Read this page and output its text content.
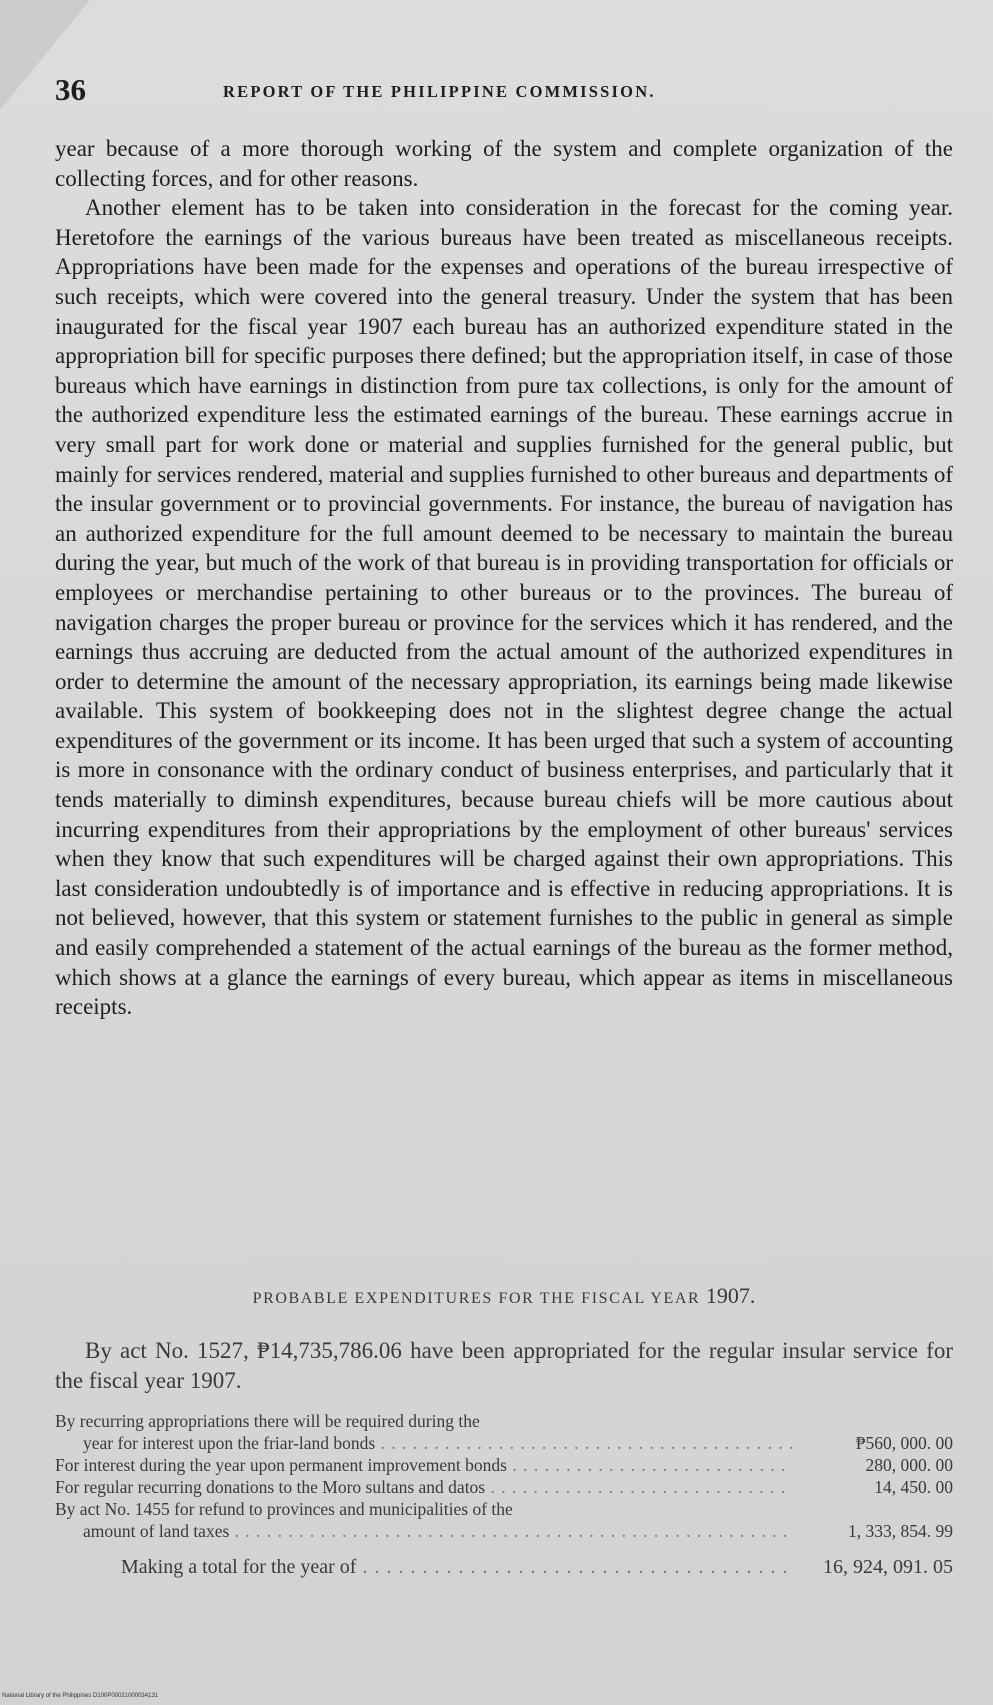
36	REPORT OF THE PHILIPPINE COMMISSION.

year because of a more thorough working of the system and complete organization of the collecting forces, and for other reasons.

Another element has to be taken into consideration in the forecast for the coming year. Heretofore the earnings of the various bureaus have been treated as miscellaneous receipts. Appropriations have been made for the expenses and operations of the bureau irrespective of such receipts, which were covered into the general treasury. Under the system that has been inaugurated for the fiscal year 1907 each bureau has an authorized expenditure stated in the appropriation bill for specific purposes there defined; but the appropriation itself, in case of those bureaus which have earnings in distinction from pure tax collections, is only for the amount of the authorized expenditure less the estimated earnings of the bureau. These earnings accrue in very small part for work done or material and supplies furnished for the general public, but mainly for services rendered, material and supplies furnished to other bureaus and departments of the insular government or to provincial governments. For instance, the bureau of navigation has an authorized expenditure for the full amount deemed to be necessary to maintain the bureau during the year, but much of the work of that bureau is in providing transportation for officials or employees or merchandise pertaining to other bureaus or to the provinces. The bureau of navigation charges the proper bureau or province for the services which it has rendered, and the earnings thus accruing are deducted from the actual amount of the authorized expenditures in order to determine the amount of the necessary appropriation, its earnings being made likewise available. This system of bookkeeping does not in the slightest degree change the actual expenditures of the government or its income. It has been urged that such a system of accounting is more in consonance with the ordinary conduct of business enterprises, and particularly that it tends materially to diminsh expenditures, because bureau chiefs will be more cautious about incurring expenditures from their appropriations by the employment of other bureaus' services when they know that such expenditures will be charged against their own appropriations. This last consideration undoubtedly is of importance and is effective in reducing appropriations. It is not believed, however, that this system or statement furnishes to the public in general as simple and easily comprehended a statement of the actual earnings of the bureau as the former method, which shows at a glance the earnings of every bureau, which appear as items in miscellaneous receipts.

PROBABLE EXPENDITURES FOR THE FISCAL YEAR 1907.
By act No. 1527, ₱14,735,786.06 have been appropriated for the regular insular service for the fiscal year 1907.
By recurring appropriations there will be required during the
year for interest upon the friar-land bonds . . .	₱560, 000. 00
For interest during the year upon permanent improvement bonds . . .	280, 000. 00
For regular recurring donations to the Moro sultans and datos . . .	14, 450. 00
By act No. 1455 for refund to provinces and municipalities of the
amount of land taxes . . .	1, 333, 854. 99
Making a total for the year of . . .	16, 924, 091. 05
National Library of the Philippines D100P00021000034131
